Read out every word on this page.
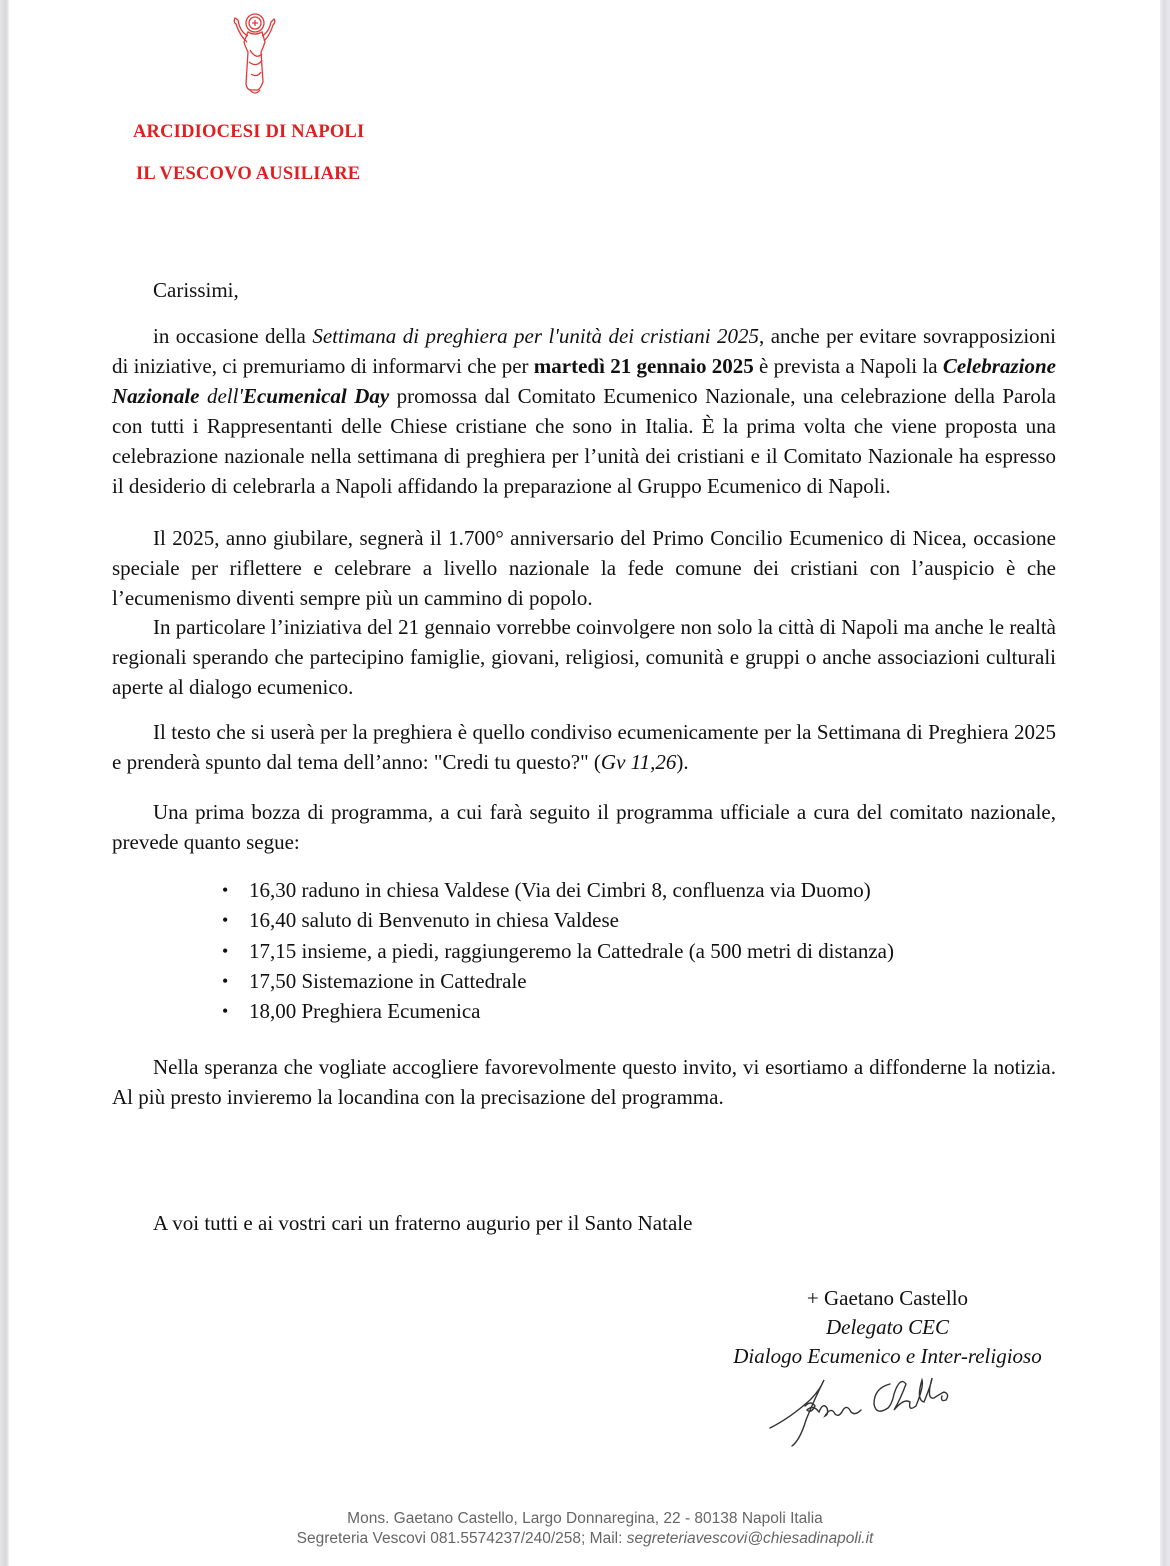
ARCIDIOCESI DI NAPOLI
IL VESCOVO AUSILIARE

Carissimi,

in occasione della Settimana di preghiera per l'unità dei cristiani 2025, anche per evitare sovrapposizioni di iniziative, ci premuriamo di informarvi che per martedì 21 gennaio 2025 è prevista a Napoli la Celebrazione Nazionale dell'Ecumenical Day promossa dal Comitato Ecumenico Nazionale, una celebrazione della Parola con tutti i Rappresentanti delle Chiese cristiane che sono in Italia. È la prima volta che viene proposta una celebrazione nazionale nella settimana di preghiera per l’unità dei cristiani e il Comitato Nazionale ha espresso il desiderio di celebrarla a Napoli affidando la preparazione al Gruppo Ecumenico di Napoli.

Il 2025, anno giubilare, segnerà il 1.700° anniversario del Primo Concilio Ecumenico di Nicea, occasione speciale per riflettere e celebrare a livello nazionale la fede comune dei cristiani con l’auspicio è che l’ecumenismo diventi sempre più un cammino di popolo.

In particolare l’iniziativa del 21 gennaio vorrebbe coinvolgere non solo la città di Napoli ma anche le realtà regionali sperando che partecipino famiglie, giovani, religiosi, comunità e gruppi o anche associazioni culturali aperte al dialogo ecumenico.

Il testo che si userà per la preghiera è quello condiviso ecumenicamente per la Settimana di Preghiera 2025 e prenderà spunto dal tema dell’anno: "Credi tu questo?" (Gv 11,26).

Una prima bozza di programma, a cui farà seguito il programma ufficiale a cura del comitato nazionale, prevede quanto segue:

• 16,30 raduno in chiesa Valdese (Via dei Cimbri 8, confluenza via Duomo)
• 16,40 saluto di Benvenuto in chiesa Valdese
• 17,15 insieme, a piedi, raggiungeremo la Cattedrale (a 500 metri di distanza)
• 17,50 Sistemazione in Cattedrale
• 18,00 Preghiera Ecumenica

Nella speranza che vogliate accogliere favorevolmente questo invito, vi esortiamo a diffonderne la notizia. Al più presto invieremo la locandina con la precisazione del programma.

A voi tutti e ai vostri cari un fraterno augurio per il Santo Natale

+ Gaetano Castello
Delegato CEC
Dialogo Ecumenico e Inter-religioso
Mons. Gaetano Castello, Largo Donnaregina, 22 - 80138 Napoli Italia
Segreteria Vescovi 081.5574237/240/258; Mail: segreteriavescovi@chiesadinapoli.it
